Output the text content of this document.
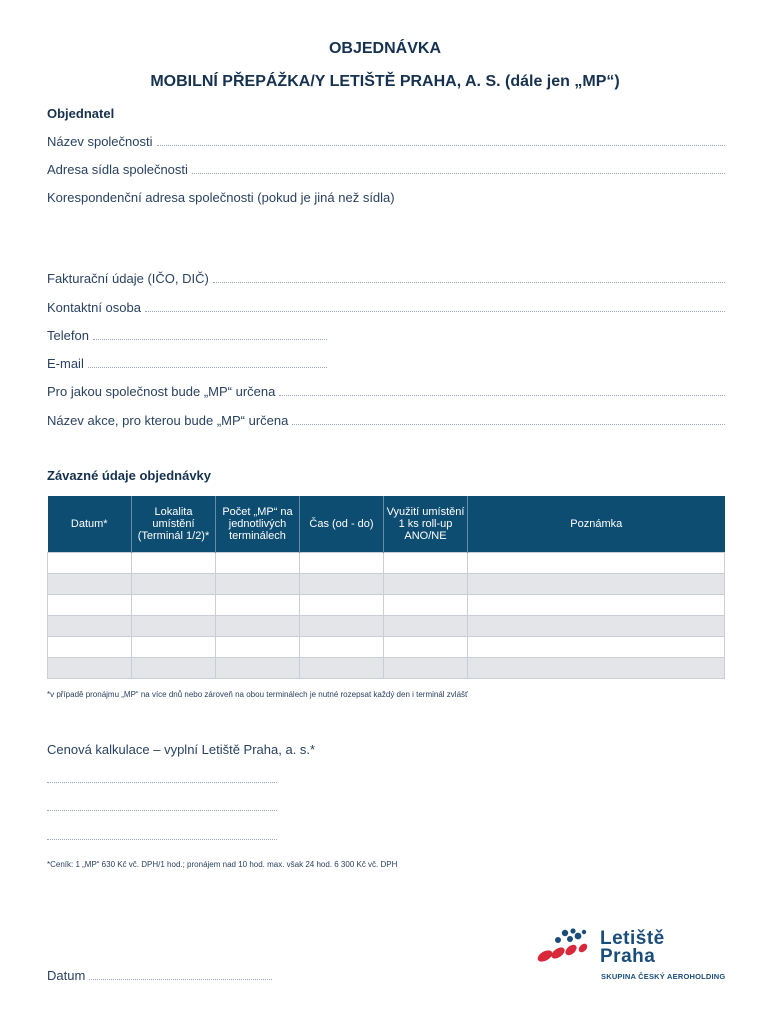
OBJEDNÁVKA
MOBILNÍ PŘEPÁŽKA/Y LETIŠTĚ PRAHA, A. S. (dále jen „MP“)
Objednatel
Název společnosti
Adresa sídla společnosti
Korespondenční adresa společnosti (pokud je jiná než sídla)
Fakturační údaje (IČO, DIČ)
Kontaktní osoba
Telefon
E-mail
Pro jakou společnost bude „MP“ určena
Název akce, pro kterou bude „MP“ určena
Závazné údaje objednávky
Datum*	Lokalita umístění (Terminál 1/2)*	Počet „MP“ na jednotlivých terminálech	Čas (od - do)	Využití umístění 1 ks roll-up ANO/NE	Poznámka

*v případě pronájmu „MP“ na více dnů nebo zároveň na obou terminálech je nutné rozepsat každý den i terminál zvlášť
Cenová kalkulace – vyplní Letiště Praha, a. s.*
*Ceník: 1 „MP“ 630 Kč vč. DPH/1 hod.; pronájem nad 10 hod. max. však 24 hod. 6 300 Kč vč. DPH
Datum
Letiště
Praha
SKUPINA ČESKÝ AEROHOLDING
